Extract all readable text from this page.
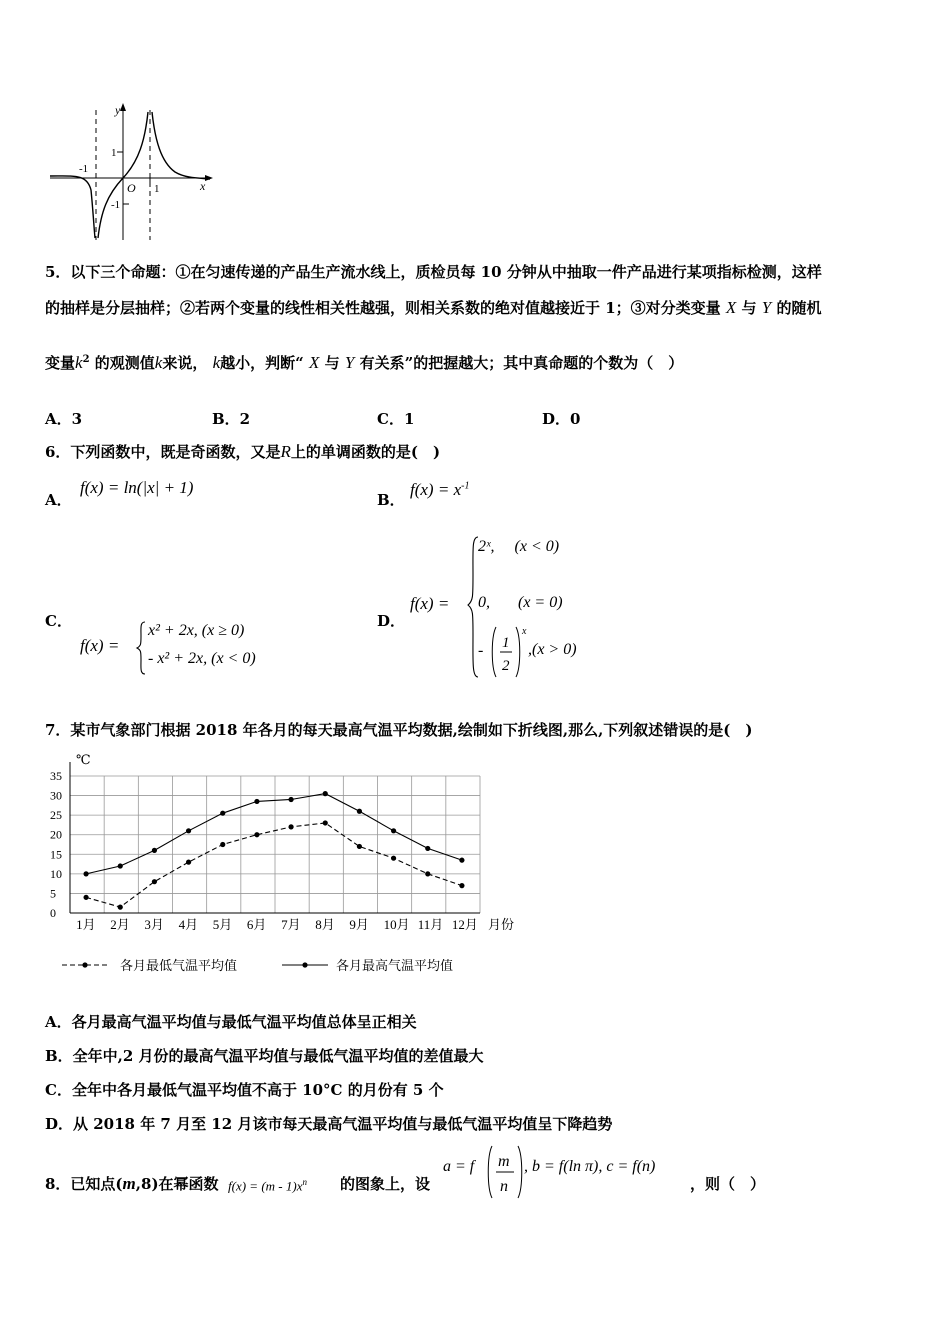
y
x
O
1
-1
-1
1
5．以下三个命题：①在匀速传递的产品生产流水线上，质检员每 10 分钟从中抽取一件产品进行某项指标检测，这样
的抽样是分层抽样；②若两个变量的线性相关性越强，则相关系数的绝对值越接近于 1；③对分类变量 X 与 Y 的随机
变量$k^2$ 的观测值k来说， k越小，判断“ X 与 Y 有关系”的把握越大；其中真命题的个数为（　）
A．3	B．2	C．1	D．0
6．下列函数中，既是奇函数，又是R上的单调函数的是(　)
A．
f(x) = ln(|x| + 1)
B．
$f(x) = x^{-1}$
C．
f(x) =
x² + 2x, (x ≥ 0)
- x² + 2x, (x < 0)
D．
f(x) =
2ˣ,     (x < 0)
0,       (x = 0)
- 1
2
x
,(x > 0)
7．某市气象部门根据 2018 年各月的每天最高气温平均数据,绘制如下折线图,那么,下列叙述错误的是(　)
0
5
10
15
20
25
30
35
℃
1月 2月 3月 4月 5月 6月 7月 8月 9月 10月 11月 12月 月份
各月最低气温平均值	各月最高气温平均值
A．各月最高气温平均值与最低气温平均值总体呈正相关
B．全年中,2 月份的最高气温平均值与最低气温平均值的差值最大
C．全年中各月最低气温平均值不高于 10°C 的月份有 5 个
D．从 2018 年 7 月至 12 月该市每天最高气温平均值与最低气温平均值呈下降趋势
8．已知点(m,8)在幂函数 $f(x) = (m - 1)x^n$ 的图象上，设
a = f m
n
, b = f(ln π), c = f(n)
，则（　）
